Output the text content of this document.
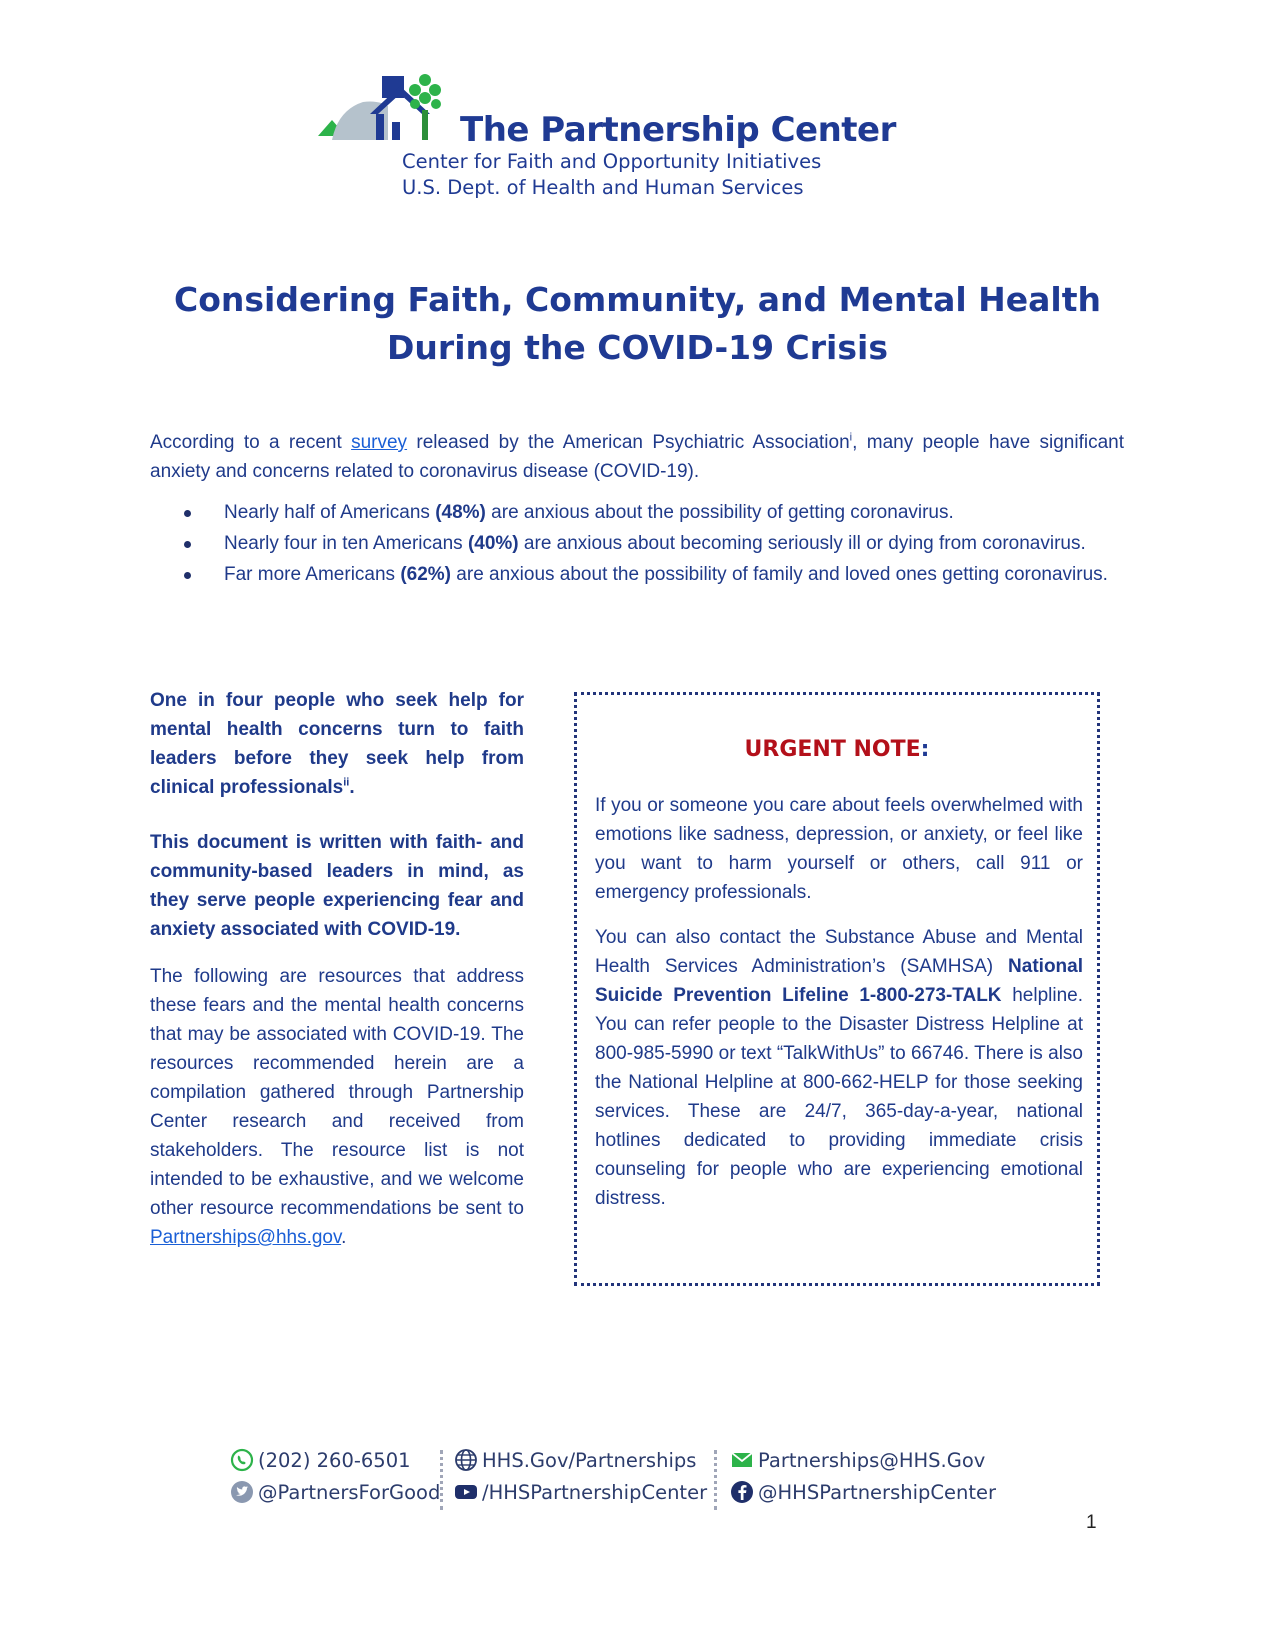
The Partnership Center
Center for Faith and Opportunity Initiatives
U.S. Dept. of Health and Human Services
Considering Faith, Community, and Mental Health
During the COVID-19 Crisis
According to a recent survey released by the American Psychiatric Association$^i$, many people have significant anxiety and concerns related to coronavirus disease (COVID-19).
Nearly half of Americans (48%) are anxious about the possibility of getting coronavirus.
Nearly four in ten Americans (40%) are anxious about becoming seriously ill or dying from coronavirus.
Far more Americans (62%) are anxious about the possibility of family and loved ones getting coronavirus.

One in four people who seek help for mental health concerns turn to faith leaders before they seek help from clinical professionals$^{ii}$.

This document is written with faith- and community-based leaders in mind, as they serve people experiencing fear and anxiety associated with COVID-19.

The following are resources that address these fears and the mental health concerns that may be associated with COVID-19. The resources recommended herein are a compilation gathered through Partnership Center research and received from stakeholders. The resource list is not intended to be exhaustive, and we welcome other resource recommendations be sent to Partnerships@hhs.gov.

URGENT NOTE:

If you or someone you care about feels overwhelmed with emotions like sadness, depression, or anxiety, or feel like you want to harm yourself or others, call 911 or emergency professionals.

You can also contact the Substance Abuse and Mental Health Services Administration’s (SAMHSA) National Suicide Prevention Lifeline 1-800-273-TALK helpline. You can refer people to the Disaster Distress Helpline at 800-985-5990 or text “TalkWithUs” to 66746. There is also the National Helpline at 800-662-HELP for those seeking services. These are 24/7, 365-day-a-year, national hotlines dedicated to providing immediate crisis counseling for people who are experiencing emotional distress.

(202) 260-6501
@PartnersForGood
HHS.Gov/Partnerships
/HHSPartnershipCenter
Partnerships@HHS.Gov
@HHSPartnershipCenter
1
